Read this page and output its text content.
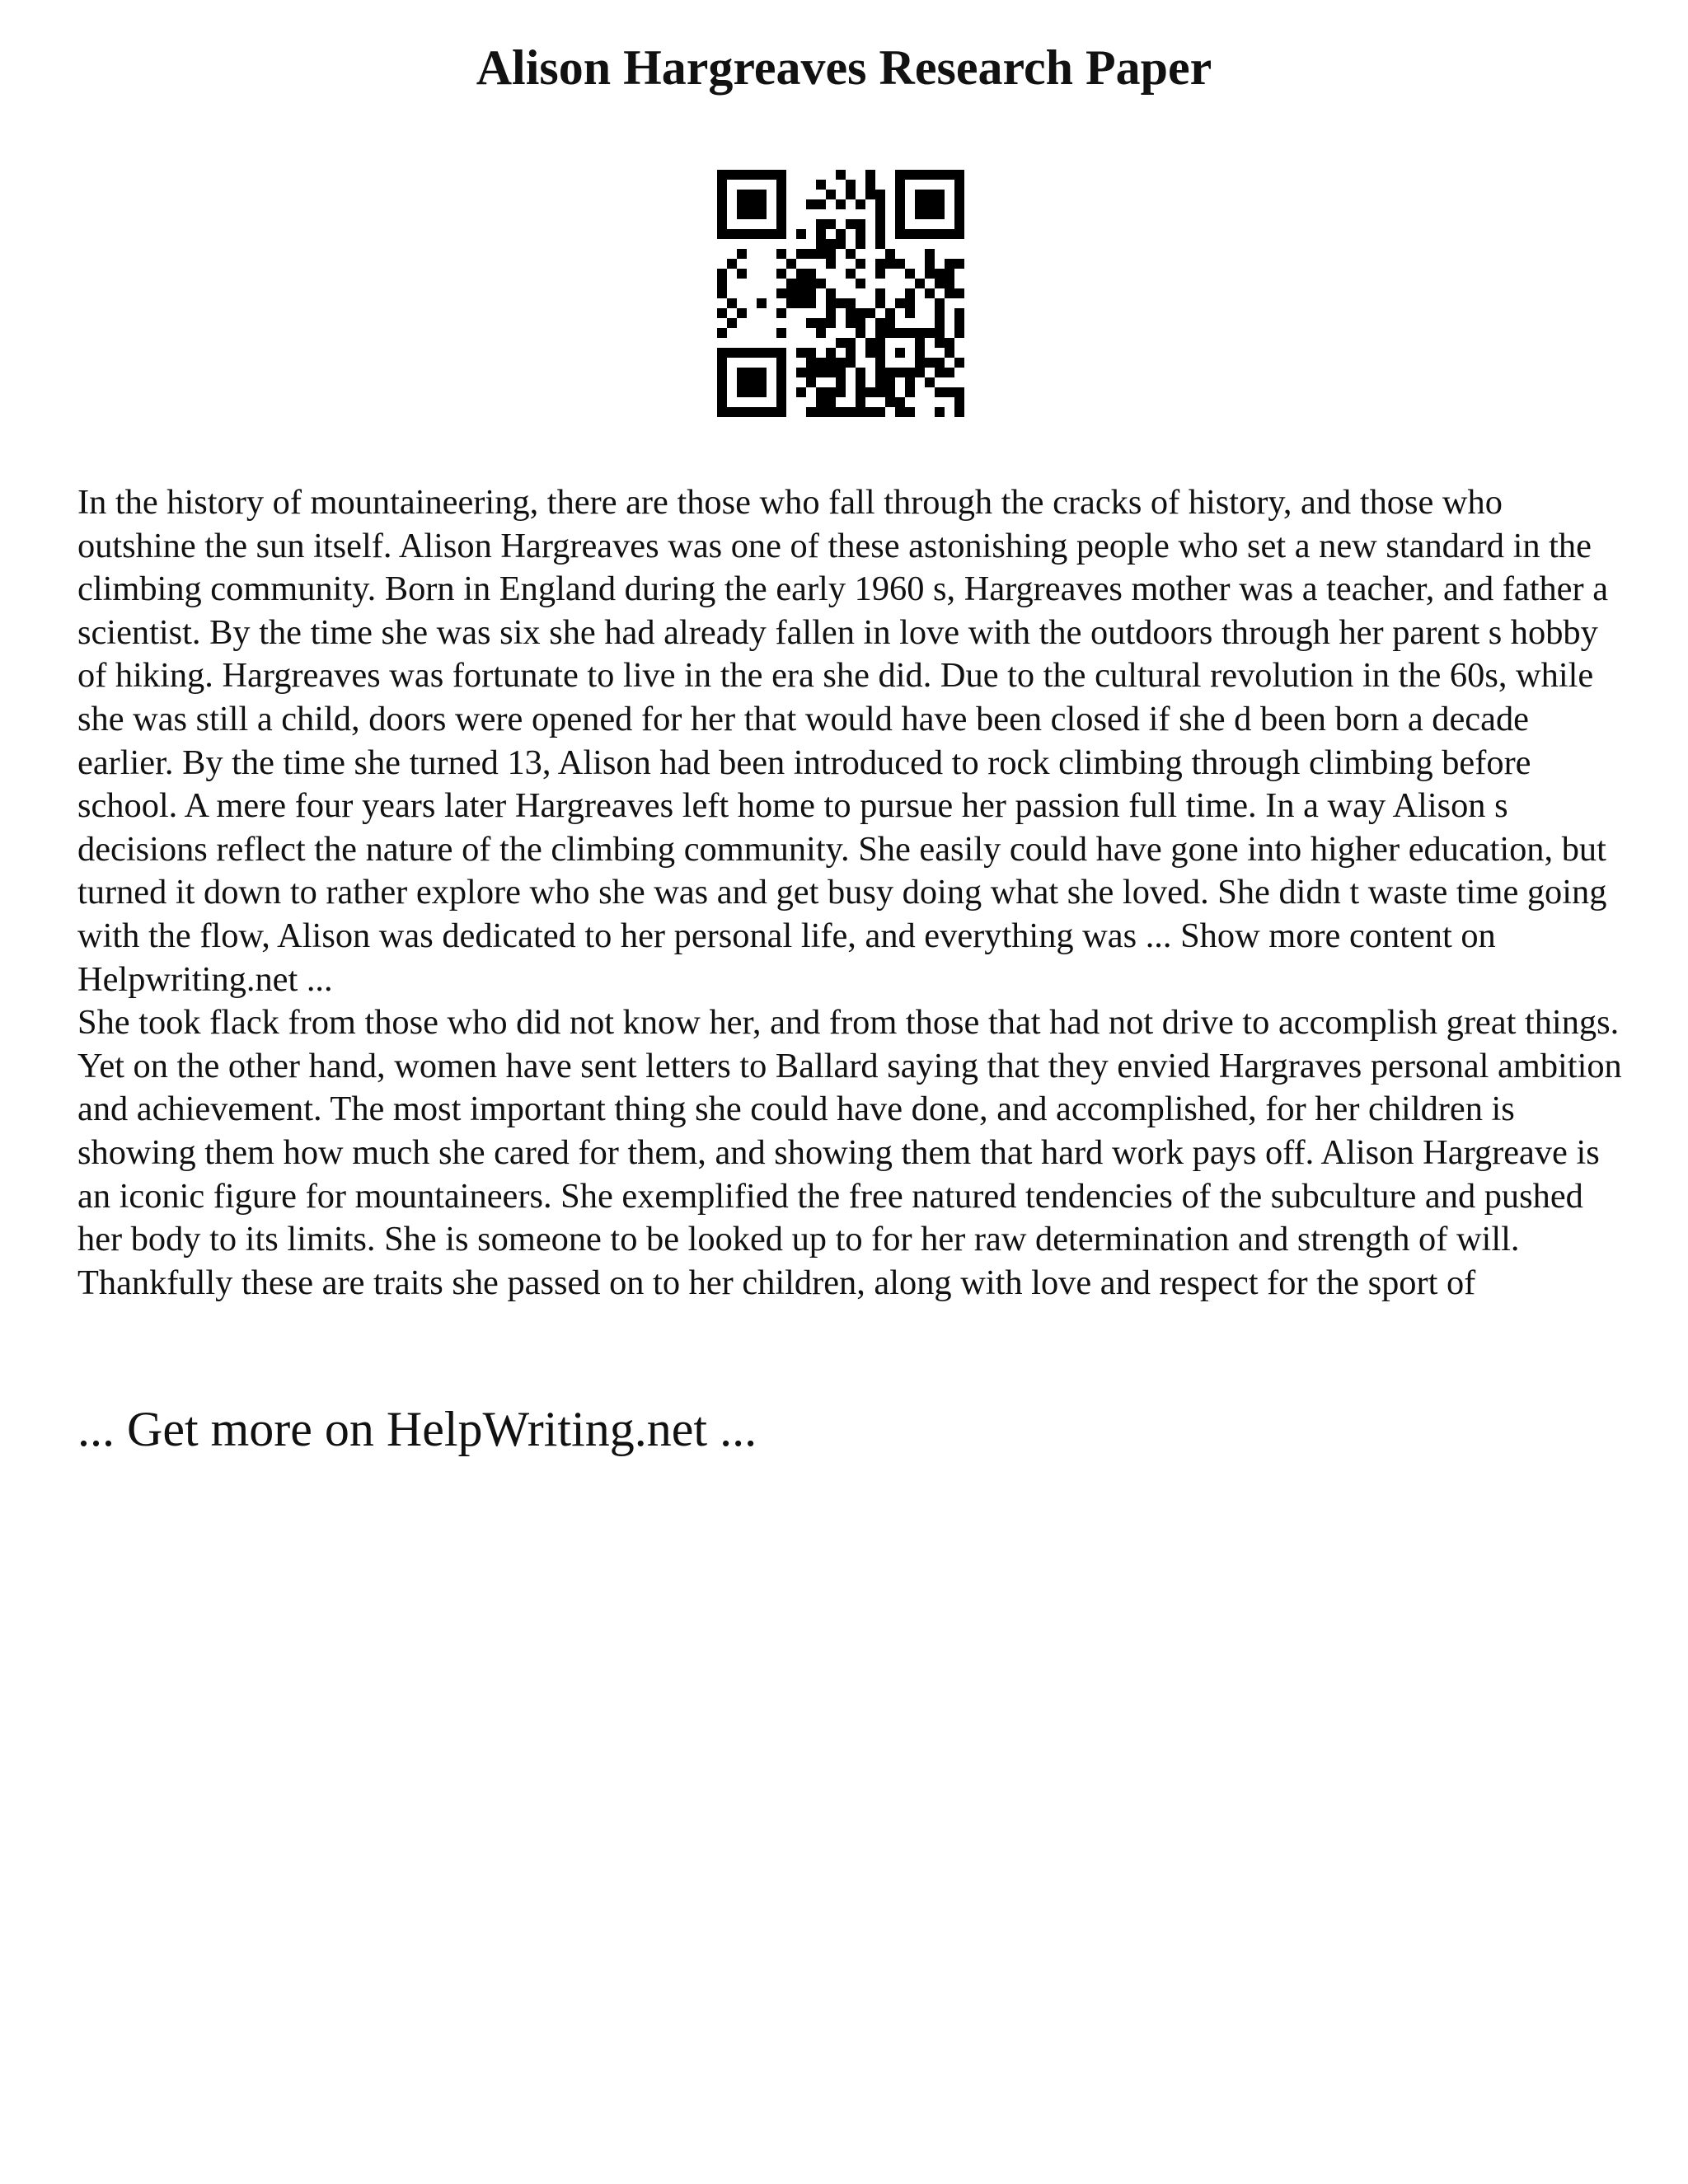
Alison Hargreaves Research Paper

In the history of mountaineering, there are those who fall through the cracks of history, and those who outshine the sun itself. Alison Hargreaves was one of these astonishing people who set a new standard in the climbing community. Born in England during the early 1960 s, Hargreaves mother was a teacher, and father a scientist. By the time she was six she had already fallen in love with the outdoors through her parent s hobby of hiking. Hargreaves was fortunate to live in the era she did. Due to the cultural revolution in the 60s, while she was still a child, doors were opened for her that would have been closed if she d been born a decade earlier. By the time she turned 13, Alison had been introduced to rock climbing through climbing before school. A mere four years later Hargreaves left home to pursue her passion full time. In a way Alison s decisions reflect the nature of the climbing community. She easily could have gone into higher education, but turned it down to rather explore who she was and get busy doing what she loved. She didn t waste time going with the flow, Alison was dedicated to her personal life, and everything was ... Show more content on Helpwriting.net ...

She took flack from those who did not know her, and from those that had not drive to accomplish great things. Yet on the other hand, women have sent letters to Ballard saying that they envied Hargraves personal ambition and achievement. The most important thing she could have done, and accomplished, for her children is showing them how much she cared for them, and showing them that hard work pays off. Alison Hargreave is an iconic figure for mountaineers. She exemplified the free natured tendencies of the subculture and pushed her body to its limits. She is someone to be looked up to for her raw determination and strength of will. Thankfully these are traits she passed on to her children, along with love and respect for the sport of

... Get more on HelpWriting.net ...
